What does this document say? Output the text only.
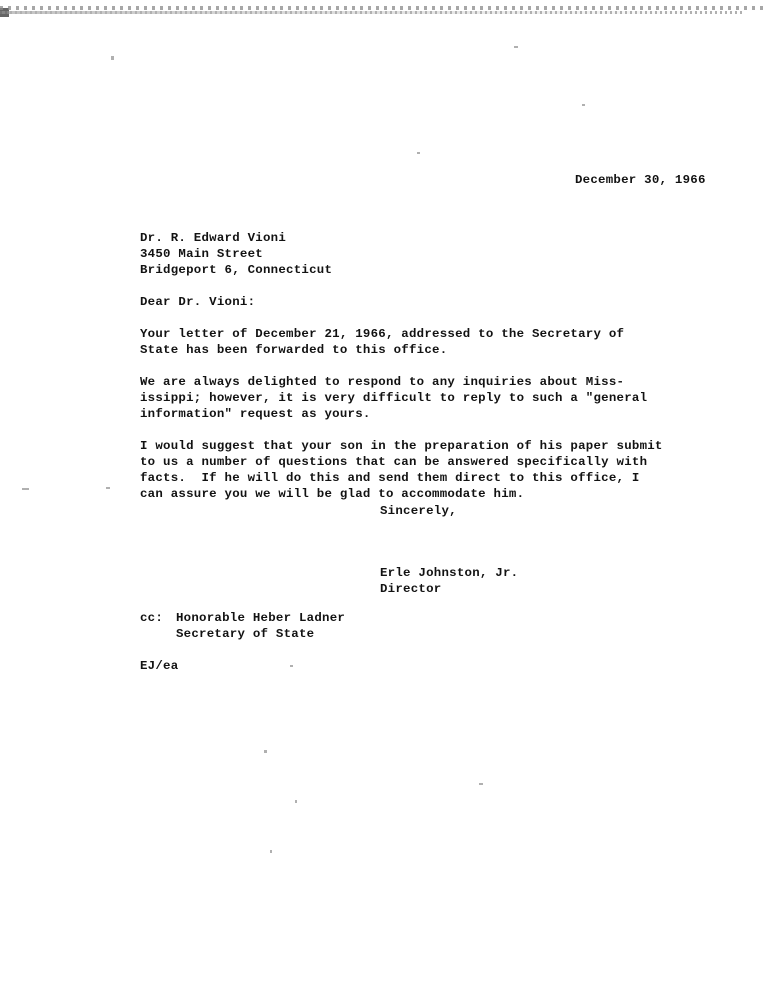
December 30, 1966
Dr. R. Edward Vioni
3450 Main Street
Bridgeport 6, Connecticut
Dear Dr. Vioni:
Your letter of December 21, 1966, addressed to the Secretary of
State has been forwarded to this office.
We are always delighted to respond to any inquiries about Miss-
issippi; however, it is very difficult to reply to such a "general
information" request as yours.
I would suggest that your son in the preparation of his paper submit
to us a number of questions that can be answered specifically with
facts.  If he will do this and send them direct to this office, I
can assure you we will be glad to accommodate him.
Sincerely,
Erle Johnston, Jr.
Director
cc: Honorable Heber Ladner
Secretary of State
EJ/ea
